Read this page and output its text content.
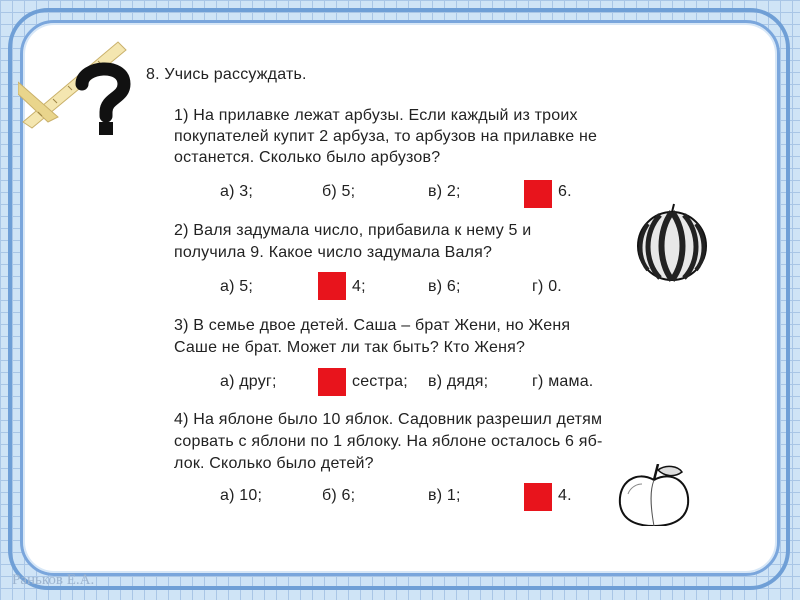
8. Учись рассуждать.
1) На прилавке лежат арбузы. Если каждый из троих
покупателей купит 2 арбуза, то арбузов на прилавке не
останется. Сколько было арбузов?
а) 3;	б) 5;	в) 2;	6.
2) Валя задумала число, прибавила к нему 5 и
получила 9. Какое число задумала Валя?
а) 5;	4;	в) 6;	г) 0.
3) В семье двое детей. Саша – брат Жени, но Женя
Саше не брат. Может ли так быть? Кто Женя?
а) друг;	сестра; в) дядя;	г) мама.
4) На яблоне было 10 яблок. Садовник разрешил детям
сорвать с яблони по 1 яблоку. На яблоне осталось 6 яб-
лок. Сколько было детей?
а) 10;	б) 6;	в) 1;	4.
Раньков Е.А.
